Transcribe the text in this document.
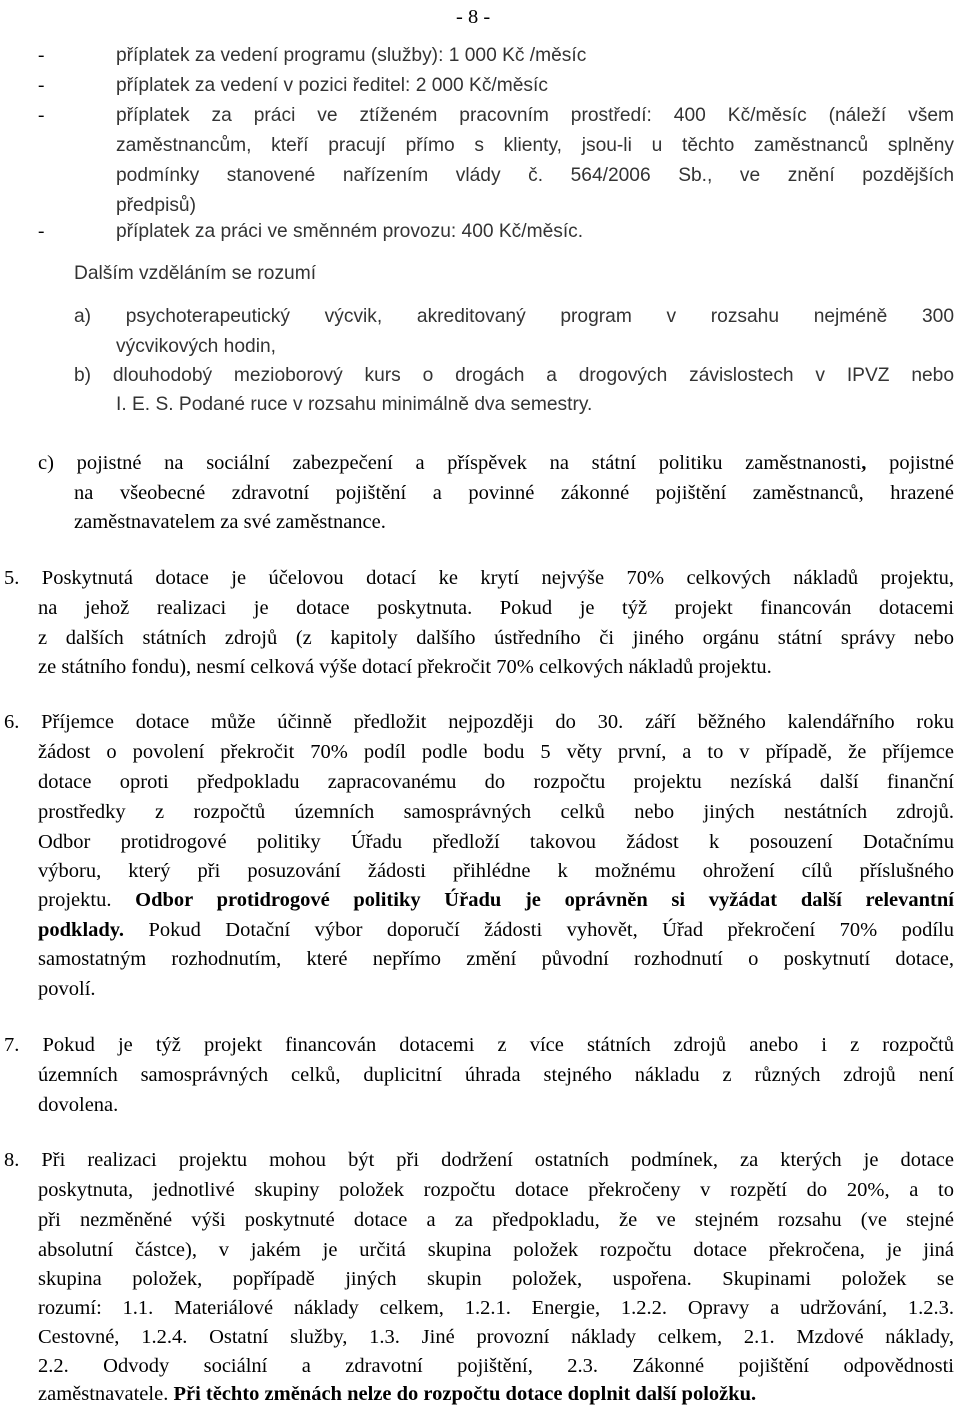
- 8 -
-	příplatek za vedení programu (služby): 1 000 Kč /měsíc
-	příplatek za vedení v pozici ředitel: 2 000 Kč/měsíc
-	příplatek za práci ve ztíženém pracovním prostředí: 400 Kč/měsíc (náleží všem
zaměstnancům, kteří pracují přímo s klienty, jsou-li u těchto zaměstnanců splněny
podmínky stanovené nařízením vlády č. 564/2006 Sb., ve znění pozdějších
předpisů)
-	příplatek za práci ve směnném provozu: 400 Kč/měsíc.
Dalším vzděláním se rozumí
a) psychoterapeutický výcvik, akreditovaný program v rozsahu nejméně 300
výcvikových hodin,
b) dlouhodobý mezioborový kurs o drogách a drogových závislostech v IPVZ nebo
I. E. S. Podané ruce v rozsahu minimálně dva semestry.
c) pojistné na sociální zabezpečení a příspěvek na státní politiku zaměstnanosti, pojistné
na všeobecné zdravotní pojištění a povinné zákonné pojištění zaměstnanců, hrazené
zaměstnavatelem za své zaměstnance.
5. Poskytnutá dotace je účelovou dotací ke krytí nejvýše 70% celkových nákladů projektu,
na jehož realizaci je dotace poskytnuta. Pokud je týž projekt financován dotacemi
z dalších státních zdrojů (z kapitoly dalšího ústředního či jiného orgánu státní správy nebo
ze státního fondu), nesmí celková výše dotací překročit 70% celkových nákladů projektu.
6. Příjemce dotace může účinně předložit nejpozději do 30. září běžného kalendářního roku
žádost o povolení překročit 70% podíl podle bodu 5 věty první, a to v případě, že příjemce
dotace oproti předpokladu zapracovanému do rozpočtu projektu nezíská další finanční
prostředky z rozpočtů územních samosprávných celků nebo jiných nestátních zdrojů.
Odbor protidrogové politiky Úřadu předloží takovou žádost k posouzení Dotačnímu
výboru, který při posuzování žádosti přihlédne k možnému ohrožení cílů příslušného
projektu. Odbor protidrogové politiky Úřadu je oprávněn si vyžádat další relevantní
podklady. Pokud Dotační výbor doporučí žádosti vyhovět, Úřad překročení 70% podílu
samostatným rozhodnutím, které nepřímo změní původní rozhodnutí o poskytnutí dotace,
povolí.
7. Pokud je týž projekt financován dotacemi z více státních zdrojů anebo i z rozpočtů
územních samosprávných celků, duplicitní úhrada stejného nákladu z různých zdrojů není
dovolena.
8. Při realizaci projektu mohou být při dodržení ostatních podmínek, za kterých je dotace
poskytnuta, jednotlivé skupiny položek rozpočtu dotace překročeny v rozpětí do 20%, a to
při nezměněné výši poskytnuté dotace a za předpokladu, že ve stejném rozsahu (ve stejné
absolutní částce), v jakém je určitá skupina položek rozpočtu dotace překročena, je jiná
skupina položek, popřípadě jiných skupin položek, uspořena. Skupinami položek se
rozumí: 1.1. Materiálové náklady celkem, 1.2.1. Energie, 1.2.2. Opravy a udržování, 1.2.3.
Cestovné, 1.2.4. Ostatní služby, 1.3. Jiné provozní náklady celkem, 2.1. Mzdové náklady,
2.2. Odvody sociální a zdravotní pojištění, 2.3. Zákonné pojištění odpovědnosti
zaměstnavatele. Při těchto změnách nelze do rozpočtu dotace doplnit další položku.
